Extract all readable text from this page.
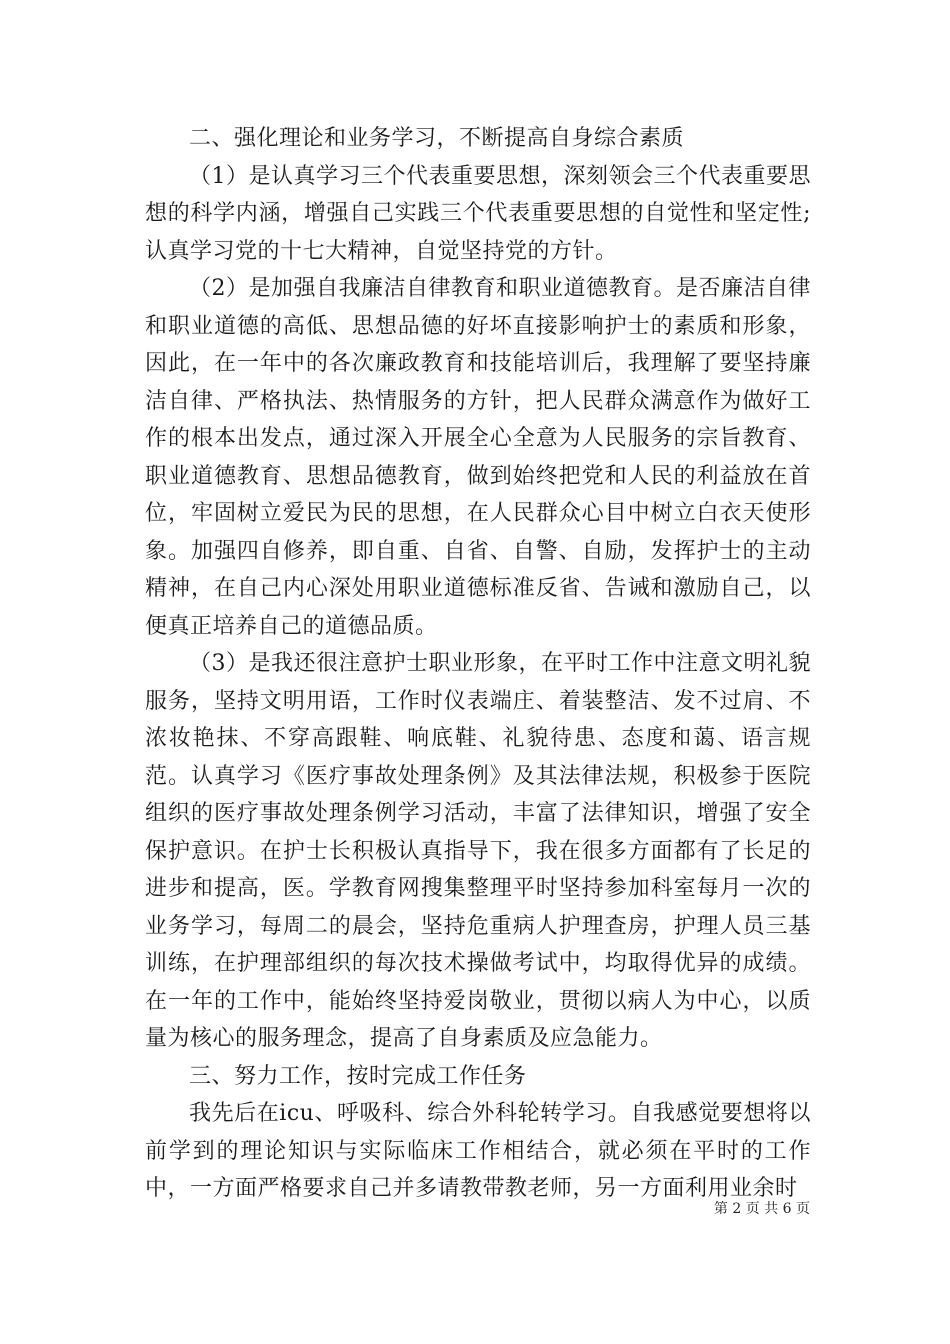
二、强化理论和业务学习，不断提高自身综合素质

（1）是认真学习三个代表重要思想，深刻领会三个代表重要思想的科学内涵，增强自己实践三个代表重要思想的自觉性和坚定性;认真学习党的十七大精神，自觉坚持党的方针。

（2）是加强自我廉洁自律教育和职业道德教育。是否廉洁自律和职业道德的高低、思想品德的好坏直接影响护士的素质和形象，因此，在一年中的各次廉政教育和技能培训后，我理解了要坚持廉洁自律、严格执法、热情服务的方针，把人民群众满意作为做好工作的根本出发点，通过深入开展全心全意为人民服务的宗旨教育、职业道德教育、思想品德教育，做到始终把党和人民的利益放在首位，牢固树立爱民为民的思想，在人民群众心目中树立白衣天使形象。加强四自修养，即自重、自省、自警、自励，发挥护士的主动精神，在自己内心深处用职业道德标准反省、告诫和激励自己，以便真正培养自己的道德品质。

（3）是我还很注意护士职业形象，在平时工作中注意文明礼貌服务，坚持文明用语，工作时仪表端庄、着装整洁、发不过肩、不浓妆艳抹、不穿高跟鞋、响底鞋、礼貌待患、态度和蔼、语言规范。认真学习《医疗事故处理条例》及其法律法规，积极参于医院组织的医疗事故处理条例学习活动，丰富了法律知识，增强了安全保护意识。在护士长积极认真指导下，我在很多方面都有了长足的进步和提高，医。学教育网搜集整理平时坚持参加科室每月一次的业务学习，每周二的晨会，坚持危重病人护理查房，护理人员三基训练，在护理部组织的每次技术操做考试中，均取得优异的成绩。在一年的工作中，能始终坚持爱岗敬业，贯彻以病人为中心，以质量为核心的服务理念，提高了自身素质及应急能力。

三、努力工作，按时完成工作任务

我先后在icu、呼吸科、综合外科轮转学习。自我感觉要想将以前学到的理论知识与实际临床工作相结合，就必须在平时的工作中，一方面严格要求自己并多请教带教老师，另一方面利用业余时

第 2 页 共 6 页
